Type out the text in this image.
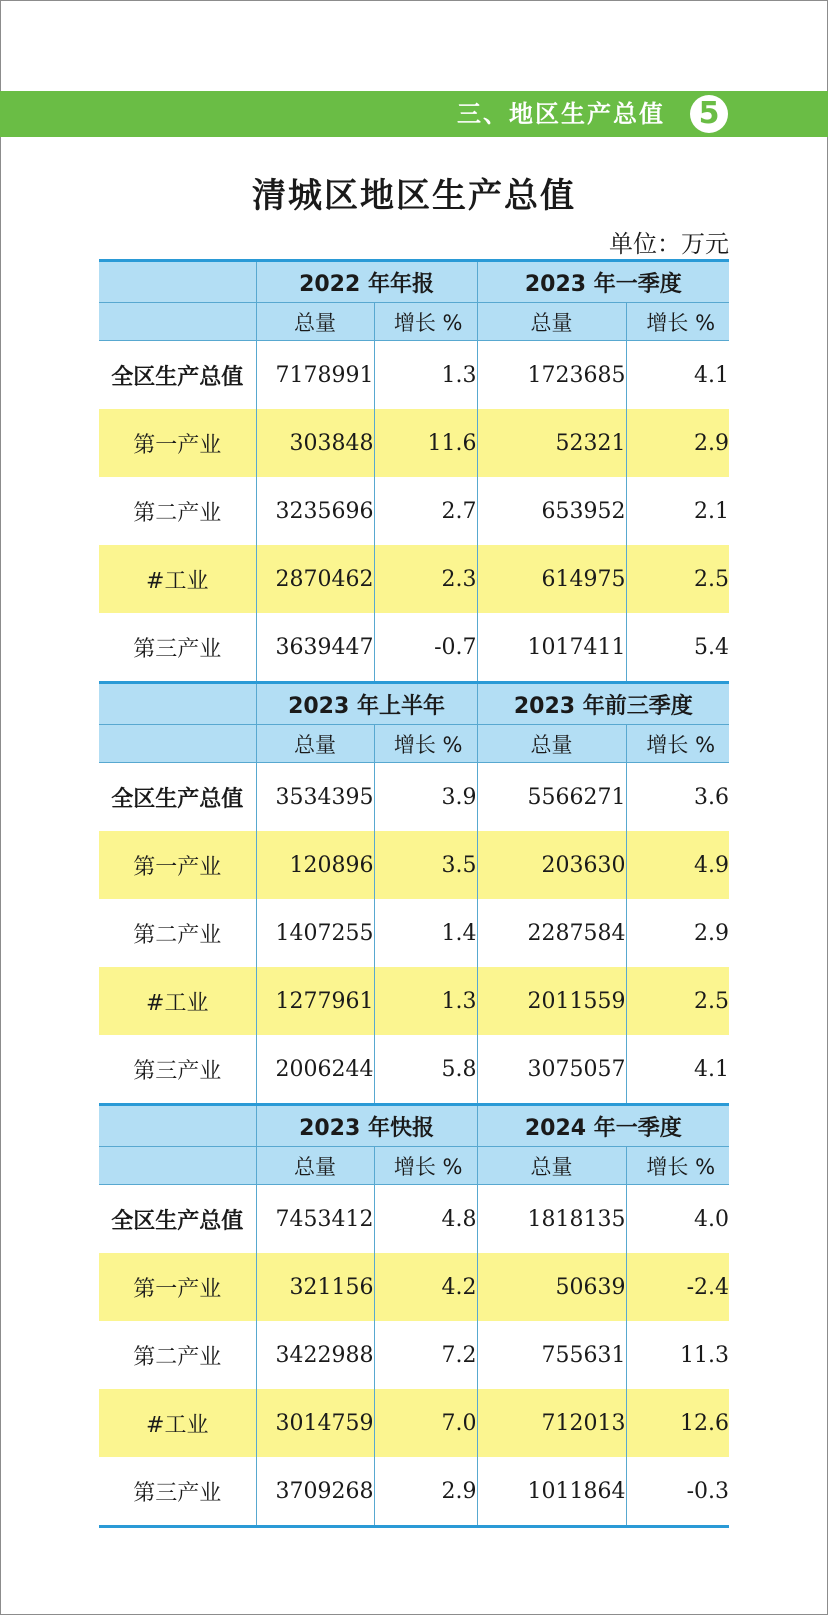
三、地区生产总值 5
清城区地区生产总值
单位：万元
	2022 年年报		2023 年一季度	
	总量	增长 %	总量	增长 %
全区生产总值	7178991	1.3	1723685	4.1
第一产业	303848	11.6	52321	2.9
第二产业	3235696	2.7	653952	2.1
#工业	2870462	2.3	614975	2.5
第三产业	3639447	-0.7	1017411	5.4
	2023 年上半年		2023 年前三季度	
	总量	增长 %	总量	增长 %
全区生产总值	3534395	3.9	5566271	3.6
第一产业	120896	3.5	203630	4.9
第二产业	1407255	1.4	2287584	2.9
#工业	1277961	1.3	2011559	2.5
第三产业	2006244	5.8	3075057	4.1
	2023 年快报		2024 年一季度	
	总量	增长 %	总量	增长 %
全区生产总值	7453412	4.8	1818135	4.0
第一产业	321156	4.2	50639	-2.4
第二产业	3422988	7.2	755631	11.3
#工业	3014759	7.0	712013	12.6
第三产业	3709268	2.9	1011864	-0.3
